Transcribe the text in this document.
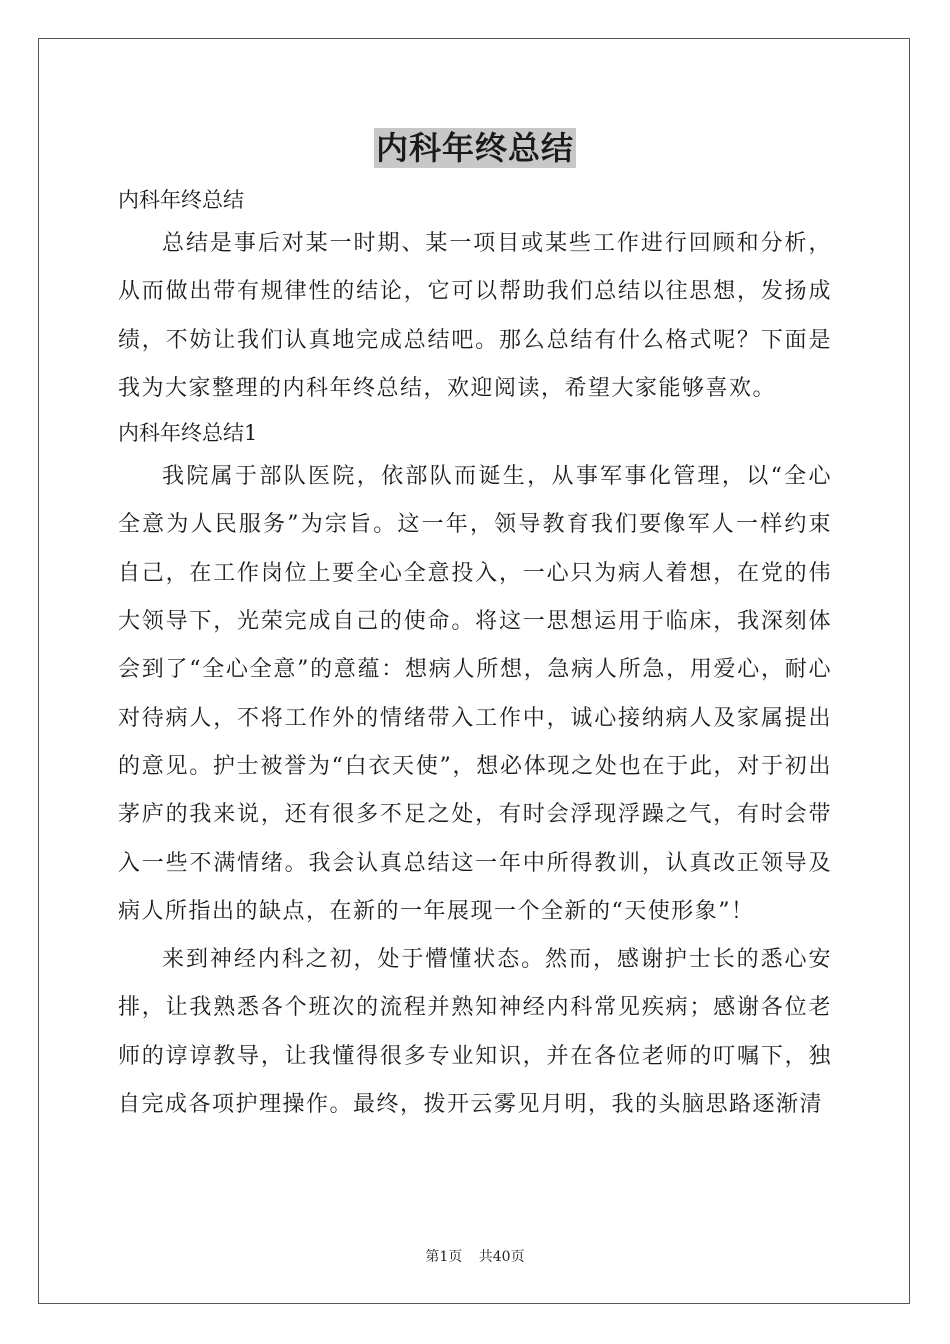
内科年终总结

内科年终总结

总结是事后对某一时期、某一项目或某些工作进行回顾和分析，从而做出带有规律性的结论，它可以帮助我们总结以往思想，发扬成绩，不妨让我们认真地完成总结吧。那么总结有什么格式呢？下面是我为大家整理的内科年终总结，欢迎阅读，希望大家能够喜欢。

内科年终总结1

我院属于部队医院，依部队而诞生，从事军事化管理，以“全心全意为人民服务”为宗旨。这一年，领导教育我们要像军人一样约束自己，在工作岗位上要全心全意投入，一心只为病人着想，在党的伟大领导下，光荣完成自己的使命。将这一思想运用于临床，我深刻体会到了“全心全意”的意蕴：想病人所想，急病人所急，用爱心，耐心对待病人，不将工作外的情绪带入工作中，诚心接纳病人及家属提出的意见。护士被誉为“白衣天使”，想必体现之处也在于此，对于初出茅庐的我来说，还有很多不足之处，有时会浮现浮躁之气，有时会带入一些不满情绪。我会认真总结这一年中所得教训，认真改正领导及病人所指出的缺点，在新的一年展现一个全新的“天使形象”！

来到神经内科之初，处于懵懂状态。然而，感谢护士长的悉心安排，让我熟悉各个班次的流程并熟知神经内科常见疾病；感谢各位老师的谆谆教导，让我懂得很多专业知识，并在各位老师的叮嘱下，独自完成各项护理操作。最终，拨开云雾见月明，我的头脑思路逐渐清

第1页 共40页
